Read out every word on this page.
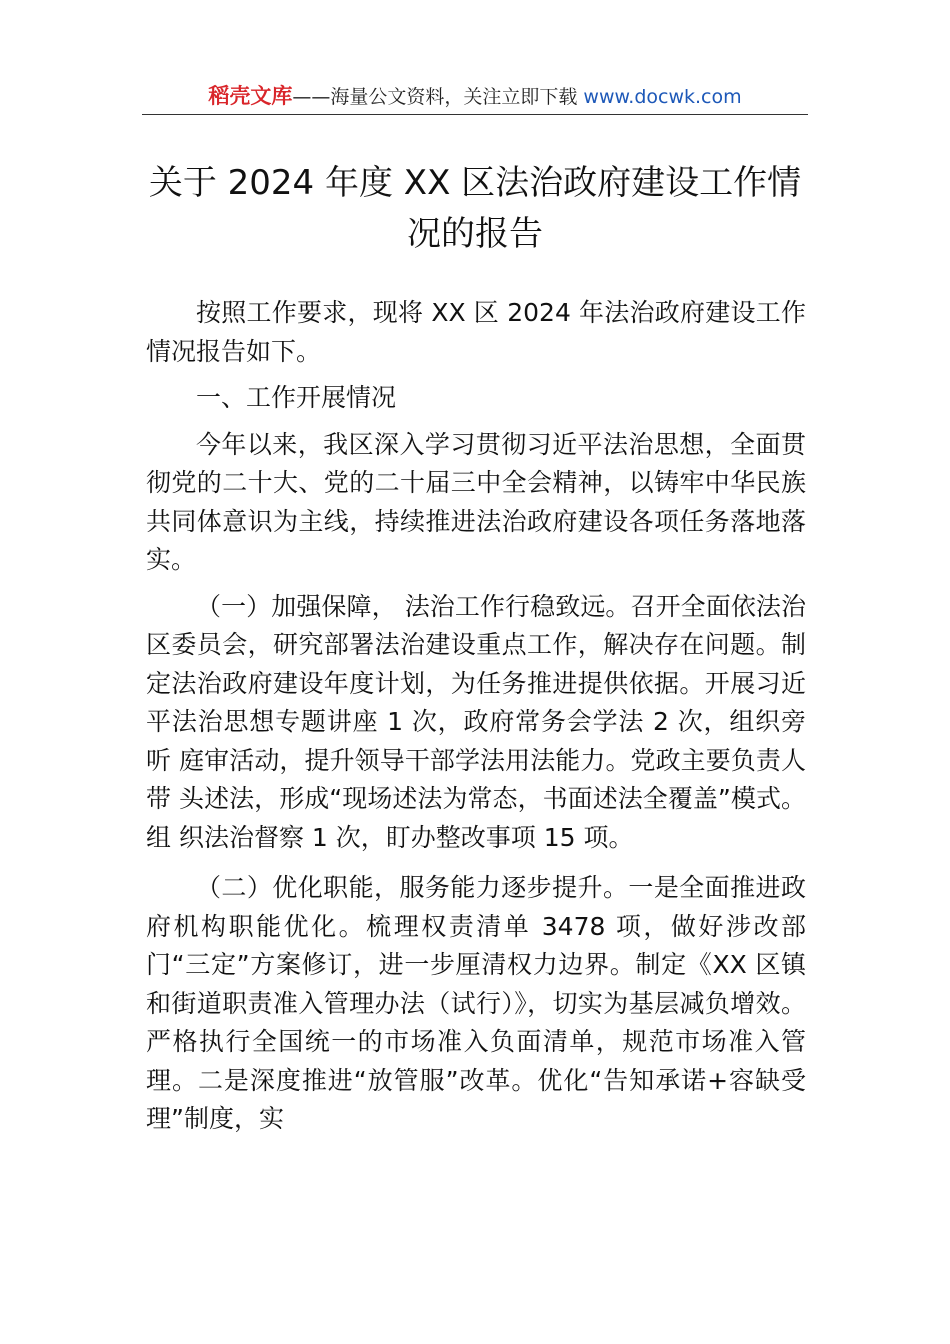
稻壳文库——海量公文资料，关注立即下载 www.docwk.com
关于 2024 年度 XX 区法治政府建设工作情况的报告

按照工作要求，现将 XX 区 2024 年法治政府建设工作情况报告如下。

一、工作开展情况

今年以来，我区深入学习贯彻习近平法治思想，全面贯彻党的二十大、党的二十届三中全会精神，以铸牢中华民族共同体意识为主线，持续推进法治政府建设各项任务落地落实。

（一）加强保障， 法治工作行稳致远。召开全面依法治 区委员会，研究部署法治建设重点工作，解决存在问题。制 定法治政府建设年度计划，为任务推进提供依据。开展习近 平法治思想专题讲座 1 次，政府常务会学法 2 次，组织旁听 庭审活动，提升领导干部学法用法能力。党政主要负责人带 头述法，形成“现场述法为常态，书面述法全覆盖”模式。组 织法治督察 1 次，盯办整改事项 15 项。

（二）优化职能，服务能力逐步提升。一是全面推进政府机构职能优化。梳理权责清单 3478 项，做好涉改部门“三定”方案修订，进一步厘清权力边界。制定《XX 区镇和街道职责准入管理办法（试行）》，切实为基层减负增效。严格执行全国统一的市场准入负面清单，规范市场准入管理。二是深度推进“放管服”改革。优化“告知承诺+容缺受理”制度，实
